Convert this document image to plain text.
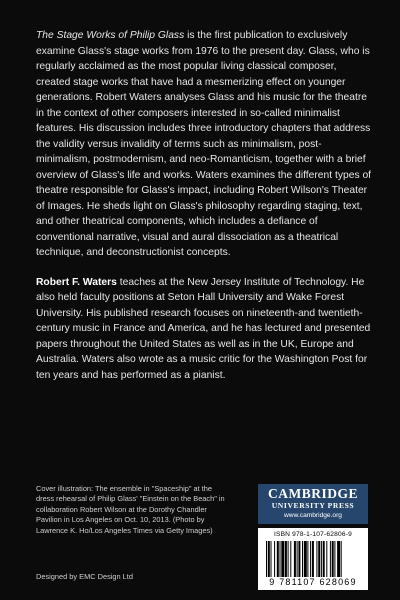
The Stage Works of Philip Glass is the first publication to exclusively examine Glass's stage works from 1976 to the present day. Glass, who is regularly acclaimed as the most popular living classical composer, created stage works that have had a mesmerizing effect on younger generations. Robert Waters analyses Glass and his music for the theatre in the context of other composers interested in so-called minimalist features. His discussion includes three introductory chapters that address the validity versus invalidity of terms such as minimalism, post-minimalism, postmodernism, and neo-Romanticism, together with a brief overview of Glass's life and works. Waters examines the different types of theatre responsible for Glass's impact, including Robert Wilson's Theater of Images. He sheds light on Glass's philosophy regarding staging, text, and other theatrical components, which includes a defiance of conventional narrative, visual and aural dissociation as a theatrical technique, and deconstructionist concepts.

Robert F. Waters teaches at the New Jersey Institute of Technology. He also held faculty positions at Seton Hall University and Wake Forest University. His published research focuses on nineteenth-and twentieth-century music in France and America, and he has lectured and presented papers throughout the United States as well as in the UK, Europe and Australia. Waters also wrote as a music critic for the Washington Post for ten years and has performed as a pianist.

Cover illustration: The ensemble in "Spaceship" at the dress rehearsal of Philip Glass' "Einstein on the Beach" in collaboration Robert Wilson at the Dorothy Chandler Pavilion in Los Angeles on Oct. 10, 2013. (Photo by Lawrence K. Ho/Los Angeles Times via Getty Images)
Designed by EMC Design Ltd
CAMBRIDGE
UNIVERSITY PRESS
www.cambridge.org
ISBN 978-1-107-62806-9
9 781107 628069
